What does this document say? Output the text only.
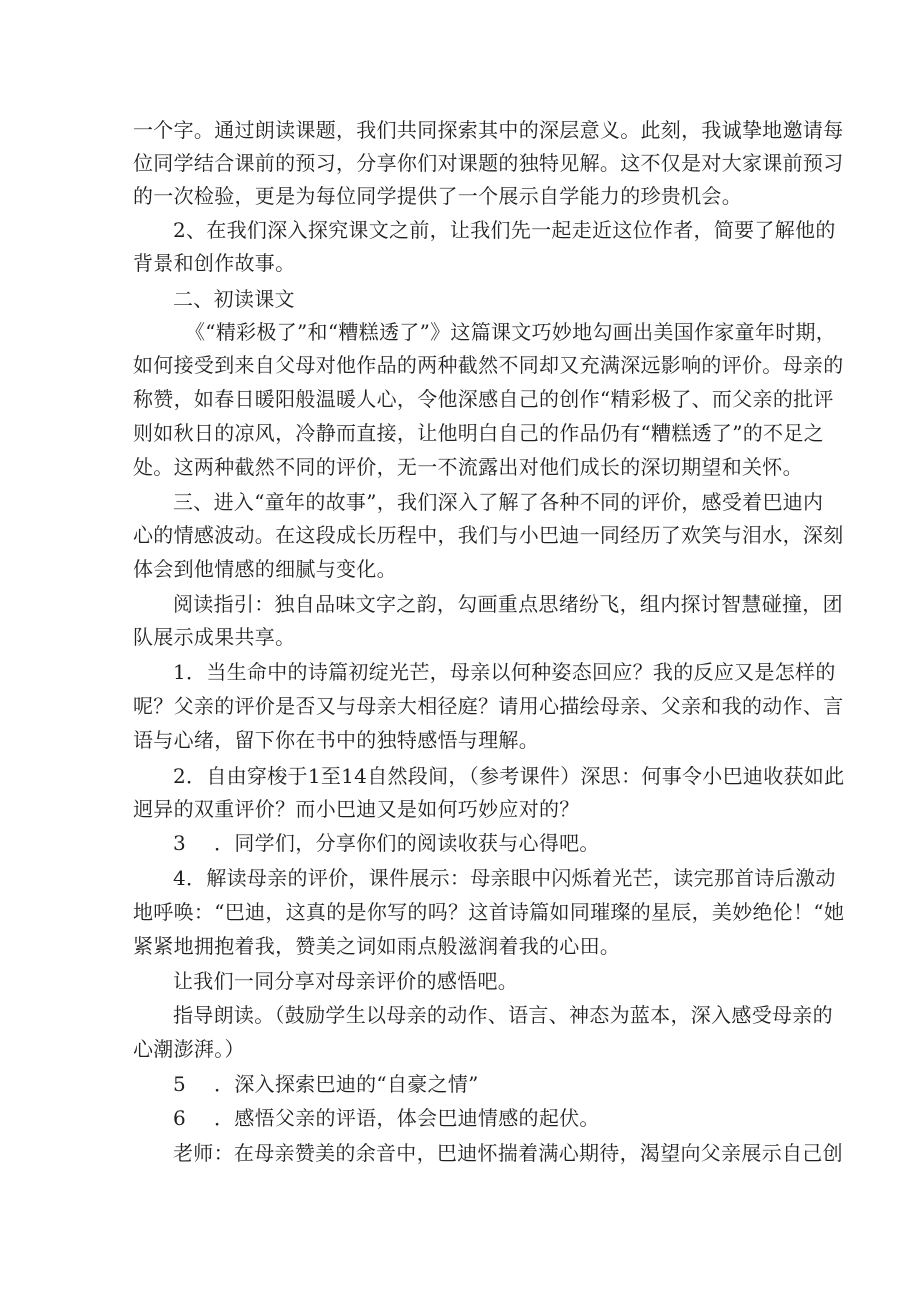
一个字。通过朗读课题，我们共同探索其中的深层意义。此刻，我诚挚地邀请每
位同学结合课前的预习，分享你们对课题的独特见解。这不仅是对大家课前预习
的一次检验，更是为每位同学提供了一个展示自学能力的珍贵机会。
2、在我们深入探究课文之前，让我们先一起走近这位作者，简要了解他的
背景和创作故事。
二、初读课文
《“精彩极了”和“糟糕透了”》这篇课文巧妙地勾画出美国作家童年时期，
如何接受到来自父母对他作品的两种截然不同却又充满深远影响的评价。母亲的
称赞，如春日暖阳般温暖人心，令他深感自己的创作“精彩极了、而父亲的批评
则如秋日的凉风，冷静而直接，让他明白自己的作品仍有“糟糕透了”的不足之
处。这两种截然不同的评价，无一不流露出对他们成长的深切期望和关怀。
三、进入“童年的故事”，我们深入了解了各种不同的评价，感受着巴迪内
心的情感波动。在这段成长历程中，我们与小巴迪一同经历了欢笑与泪水，深刻
体会到他情感的细腻与变化。
阅读指引：独自品味文字之韵，勾画重点思绪纷飞，组内探讨智慧碰撞，团
队展示成果共享。
1．当生命中的诗篇初绽光芒，母亲以何种姿态回应？我的反应又是怎样的
呢？父亲的评价是否又与母亲大相径庭？请用心描绘母亲、父亲和我的动作、言
语与心绪，留下你在书中的独特感悟与理解。
2．自由穿梭于1至14自然段间，（参考课件）深思：何事令小巴迪收获如此
迥异的双重评价？而小巴迪又是如何巧妙应对的？
3 ．同学们，分享你们的阅读收获与心得吧。
4．解读母亲的评价，课件展示：母亲眼中闪烁着光芒，读完那首诗后激动
地呼唤：“巴迪，这真的是你写的吗？这首诗篇如同璀璨的星辰，美妙绝伦！“她
紧紧地拥抱着我，赞美之词如雨点般滋润着我的心田。
让我们一同分享对母亲评价的感悟吧。
指导朗读。（鼓励学生以母亲的动作、语言、神态为蓝本，深入感受母亲的
心潮澎湃。）
5 ．深入探索巴迪的“自豪之情”
6 ．感悟父亲的评语，体会巴迪情感的起伏。
老师：在母亲赞美的余音中，巴迪怀揣着满心期待，渴望向父亲展示自己创
